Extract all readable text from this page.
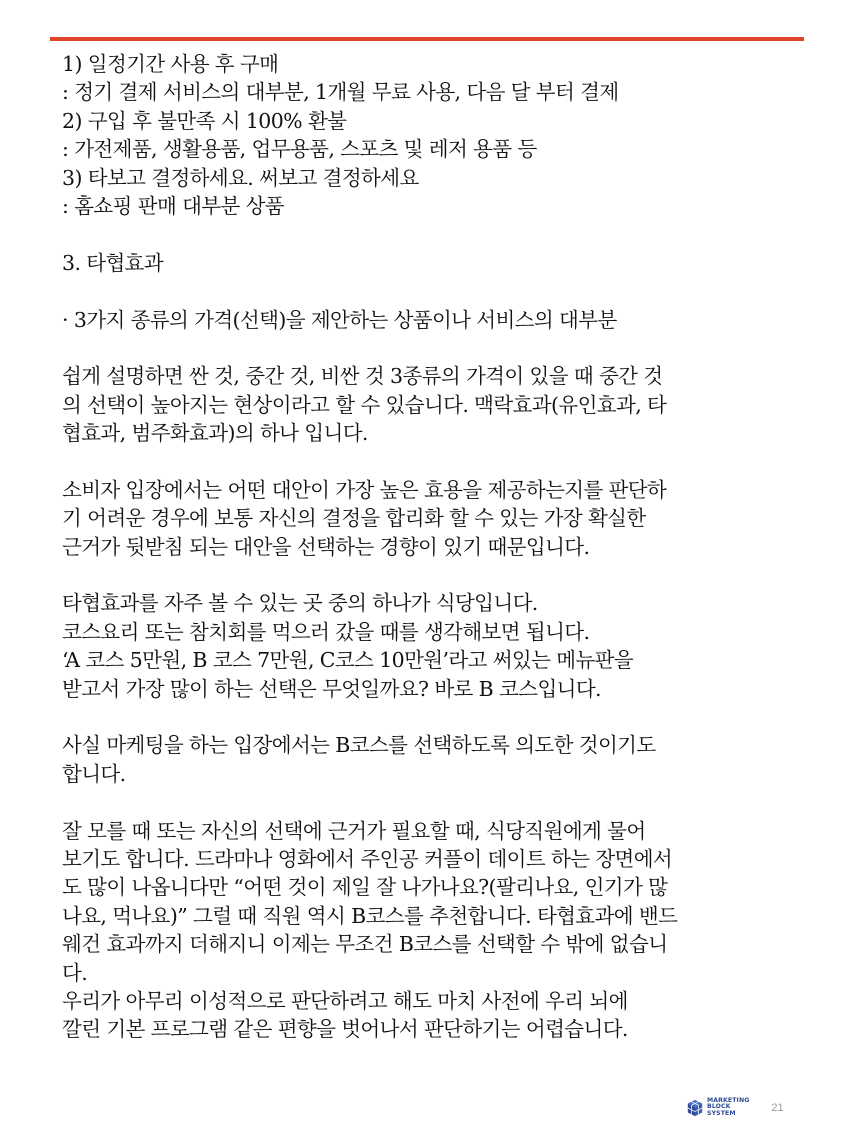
1) 일정기간 사용 후 구매
: 정기 결제 서비스의 대부분, 1개월 무료 사용, 다음 달 부터 결제
2) 구입 후 불만족 시 100% 환불
: 가전제품, 생활용품, 업무용품, 스포츠 및 레저 용품 등
3) 타보고 결정하세요. 써보고 결정하세요
: 홈쇼핑 판매 대부분 상품
3. 타협효과
· 3가지 종류의 가격(선택)을 제안하는 상품이나 서비스의 대부분
쉽게 설명하면 싼 것, 중간 것, 비싼 것 3종류의 가격이 있을 때 중간 것
의 선택이 높아지는 현상이라고 할 수 있습니다. 맥락효과(유인효과, 타
협효과, 범주화효과)의 하나 입니다.
소비자 입장에서는 어떤 대안이 가장 높은 효용을 제공하는지를 판단하
기 어려운 경우에 보통 자신의 결정을 합리화 할 수 있는 가장 확실한
근거가 뒷받침 되는 대안을 선택하는 경향이 있기 때문입니다.
타협효과를 자주 볼 수 있는 곳 중의 하나가 식당입니다.
코스요리 또는 참치회를 먹으러 갔을 때를 생각해보면 됩니다.
‘A 코스 5만원, B 코스 7만원, C코스 10만원’라고 써있는 메뉴판을
받고서 가장 많이 하는 선택은 무엇일까요? 바로 B 코스입니다.
사실 마케팅을 하는 입장에서는 B코스를 선택하도록 의도한 것이기도
합니다.
잘 모를 때 또는 자신의 선택에 근거가 필요할 때, 식당직원에게 물어
보기도 합니다. 드라마나 영화에서 주인공 커플이 데이트 하는 장면에서
도 많이 나옵니다만 “어떤 것이 제일 잘 나가나요?(팔리나요, 인기가 많
나요, 먹나요)” 그럴 때 직원 역시 B코스를 추천합니다. 타협효과에 밴드
웨건 효과까지 더해지니 이제는 무조건 B코스를 선택할 수 밖에 없습니
다.
우리가 아무리 이성적으로 판단하려고 해도 마치 사전에 우리 뇌에
깔린 기본 프로그램 같은 편향을 벗어나서 판단하기는 어렵습니다.
MARKETING
BLOCK
SYSTEM	21
